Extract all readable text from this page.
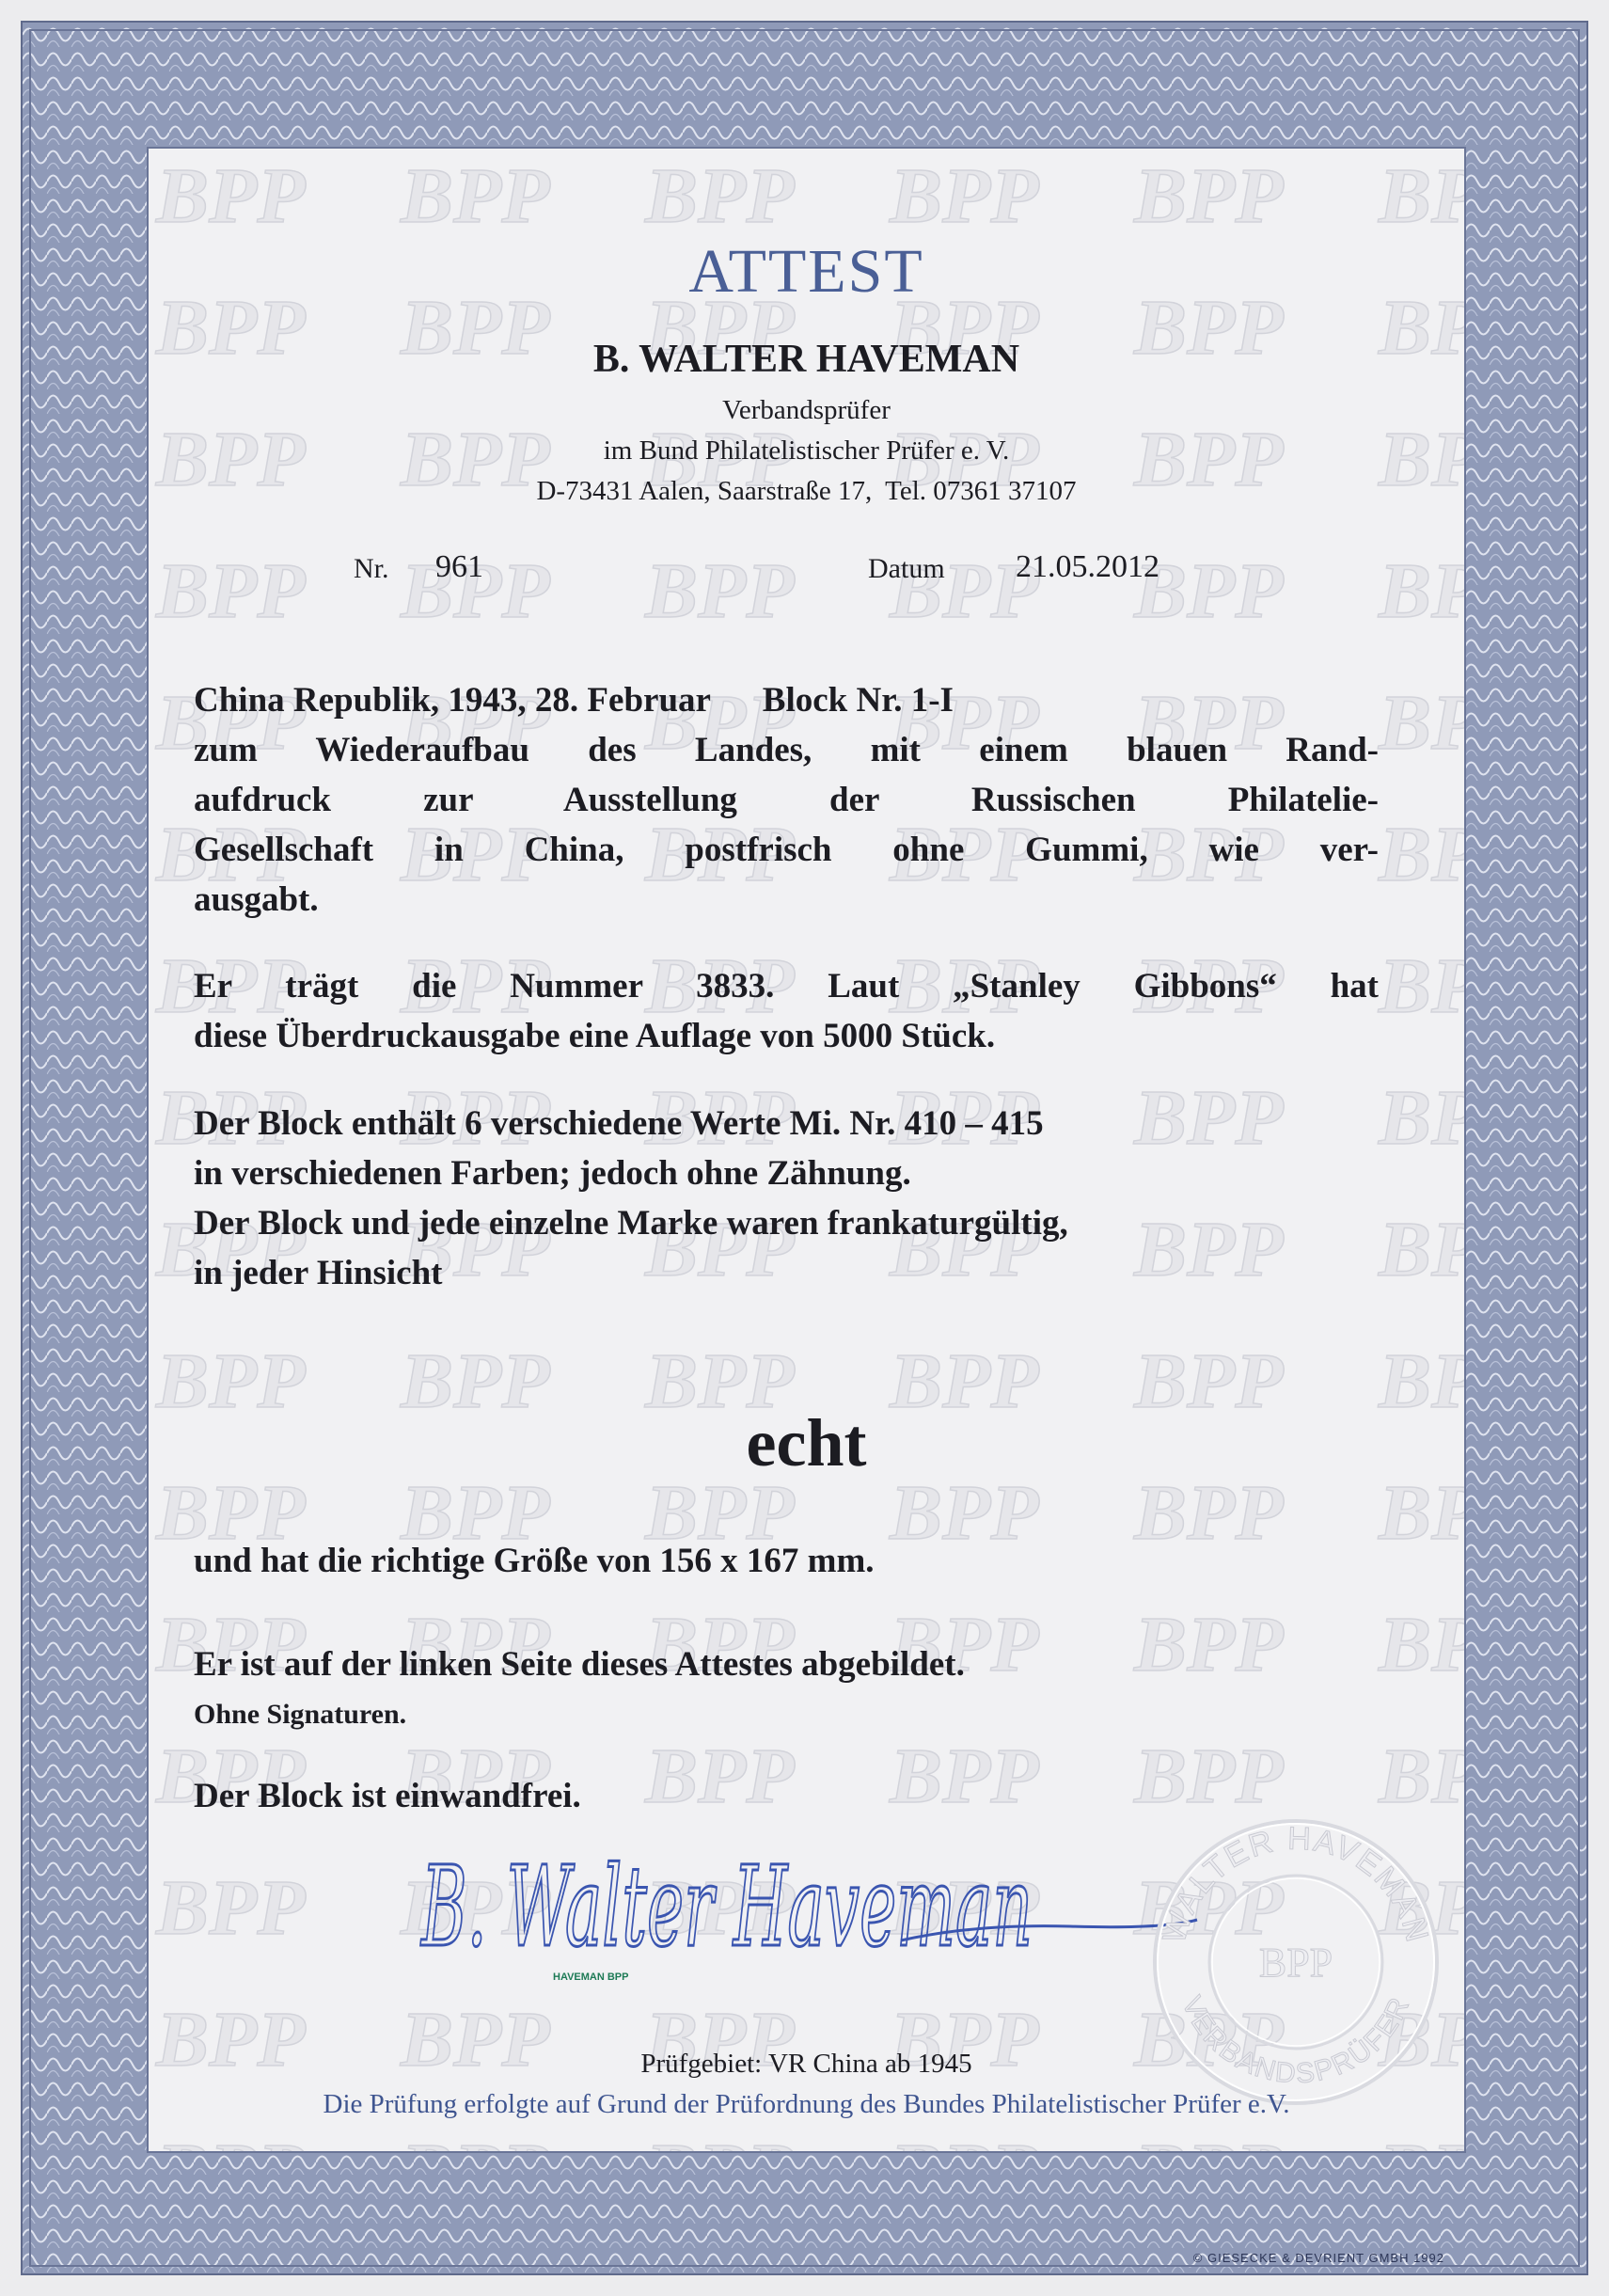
ATTEST
B. WALTER HAVEMAN
Verbandsprüfer
im Bund Philatelistischer Prüfer e. V.
D-73431 Aalen, Saarstraße 17,  Tel. 07361 37107
Nr. 961	Datum 21.05.2012
China Republik, 1943, 28. Februar      Block Nr. 1-I
zum Wiederaufbau des Landes, mit einem blauen Rand-
aufdruck zur Ausstellung der Russischen Philatelie-
Gesellschaft in China, postfrisch ohne Gummi, wie ver-
ausgabt.
Er trägt die Nummer 3833. Laut „Stanley Gibbons“ hat
diese Überdruckausgabe eine Auflage von 5000 Stück.
Der Block enthält 6 verschiedene Werte Mi. Nr. 410 – 415
in verschiedenen Farben; jedoch ohne Zähnung.
Der Block und jede einzelne Marke waren frankaturgültig,
in jeder Hinsicht
echt
und hat die richtige Größe von 156 x 167 mm.
Er ist auf der linken Seite dieses Attestes abgebildet.
Ohne Signaturen.
Der Block ist einwandfrei.
B. Walter Haveman
HAVEMAN BPP
WALTER HAVEMAN
BPP
VERBANDSPRÜFER
Prüfgebiet: VR China ab 1945
Die Prüfung erfolgte auf Grund der Prüfordnung des Bundes Philatelistischer Prüfer e.V.
© GIESECKE & DEVRIENT GMBH 1992
